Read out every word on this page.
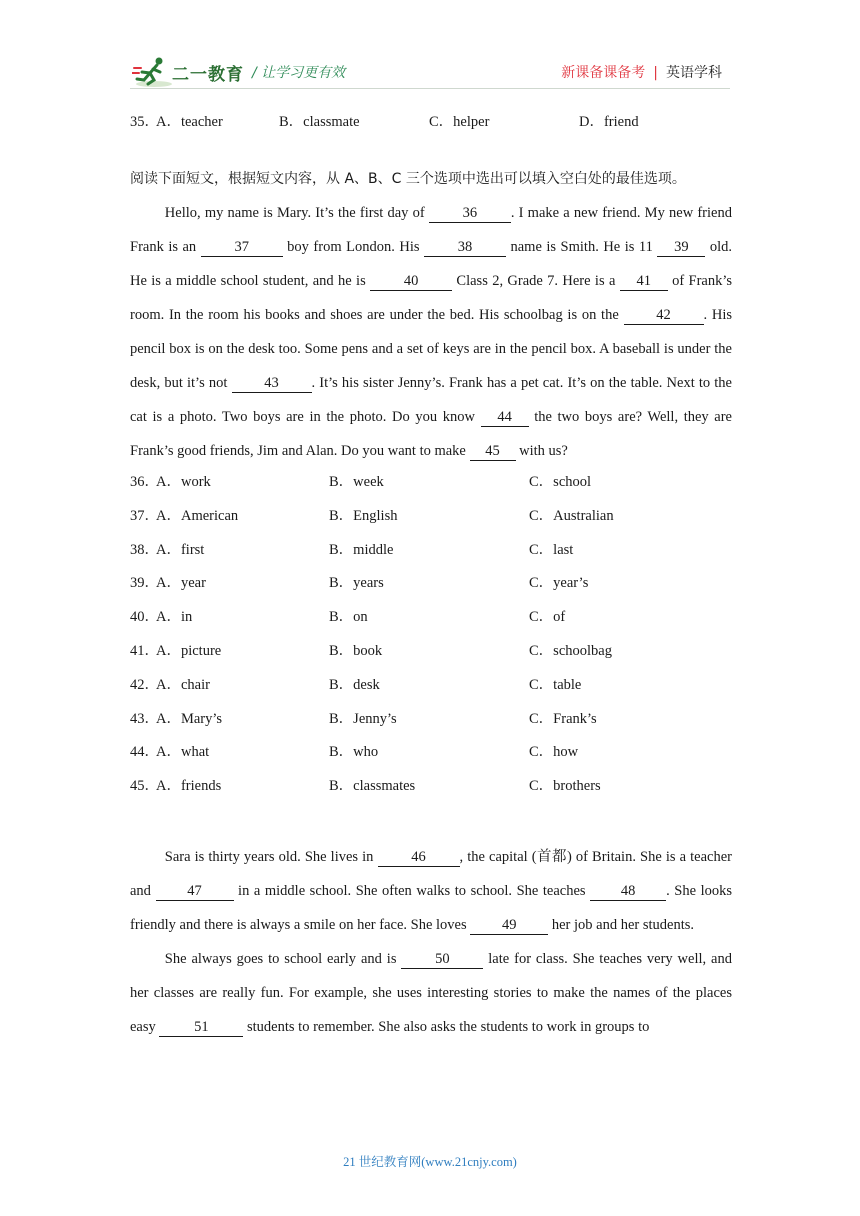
二一教育 / 让学习更有效	新课备课备考 | 英语学科
35．
A．teacher	B．classmate	C．helper	D．friend
阅读下面短文，根据短文内容，从 A、B、C 三个选项中选出可以填入空白处的最佳选项。

Hello, my name is Mary. It’s the first day of 36 . I make a new friend. My new friend Frank is an 37 boy from London. His 38 name is Smith. He is 11 39 old. He is a middle school student, and he is 40 Class 2, Grade 7. Here is a 41 of Frank’s room. In the room his books and shoes are under the bed. His schoolbag is on the 42 . His pencil box is on the desk too. Some pens and a set of keys are in the pencil box. A baseball is under the desk, but it’s not 43 . It’s his sister Jenny’s. Frank has a pet cat. It’s on the table. Next to the cat is a photo. Two boys are in the photo. Do you know 44 the two boys are? Well, they are Frank’s good friends, Jim and Alan. Do you want to make 45 with us?

36．
A．work	B．week	C．school
37．
A．American	B．English	C．Australian
38．
A．first	B．middle	C．last
39．
A．year	B．years	C．year’s
40．
A．in	B．on	C．of
41．
A．picture	B．book	C．schoolbag
42．
A．chair	B．desk	C．table
43．
A．Mary’s	B．Jenny’s	C．Frank’s
44．
A．what	B．who	C．how
45．
A．friends	B．classmates	C．brothers

Sara is thirty years old. She lives in 46 , the capital (首都) of Britain. She is a teacher and 47 in a middle school. She often walks to school. She teaches 48 . She looks friendly and there is always a smile on her face. She loves 49 her job and her students.

She always goes to school early and is 50 late for class. She teaches very well, and her classes are really fun. For example, she uses interesting stories to make the names of the places easy 51 students to remember. She also asks the students to work in groups to

21 世纪教育网(www.21cnjy.com)
